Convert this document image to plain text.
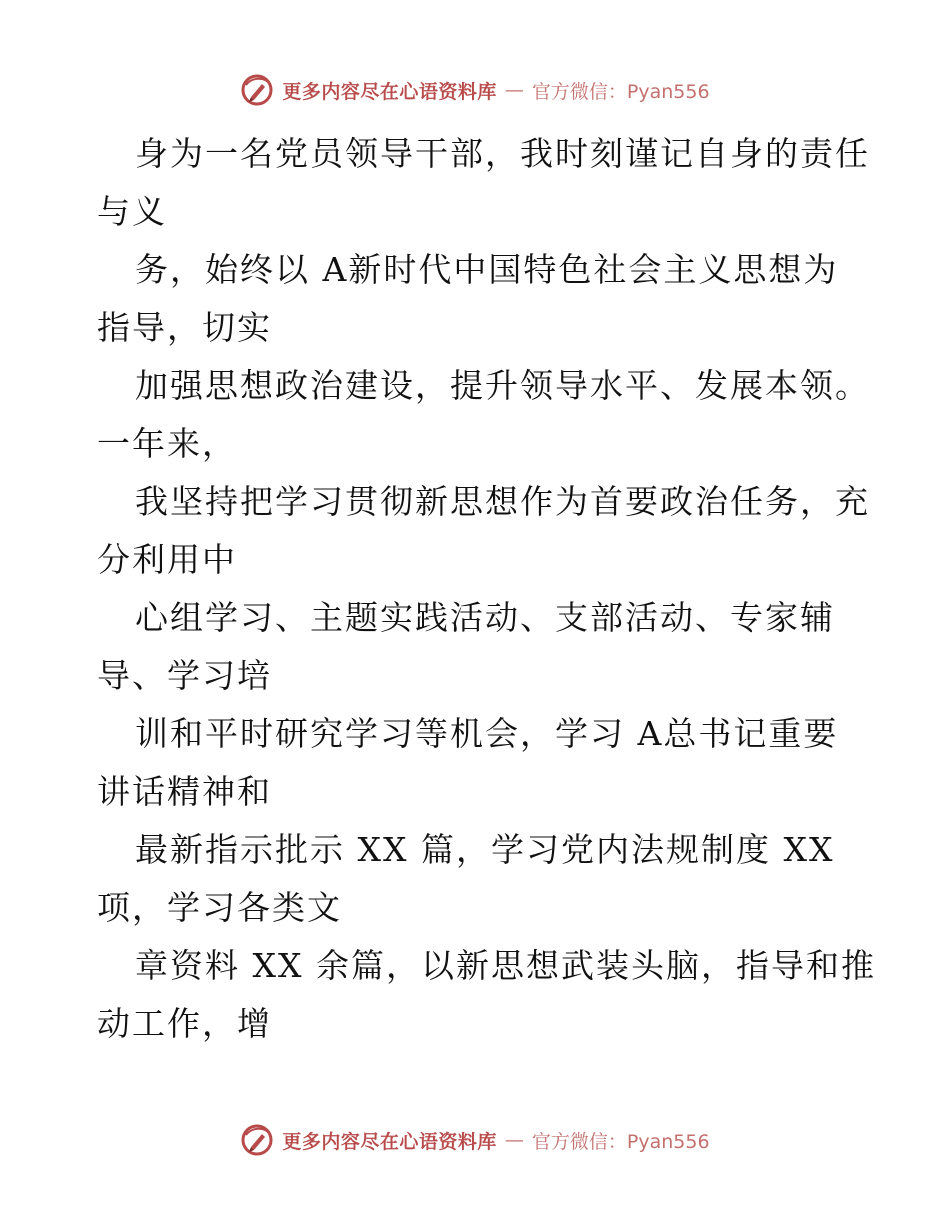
更多内容尽在心语资料库 — 官方微信：Pyan556
身为一名党员领导干部，我时刻谨记自身的责任
与义
务，始终以 A新时代中国特色社会主义思想为
指导，切实
加强思想政治建设，提升领导水平、发展本领。
一年来，
我坚持把学习贯彻新思想作为首要政治任务，充
分利用中
心组学习、主题实践活动、支部活动、专家辅
导、学习培
训和平时研究学习等机会，学习 A总书记重要
讲话精神和
最新指示批示 XX 篇，学习党内法规制度 XX
项，学习各类文
章资料 XX 余篇，以新思想武装头脑，指导和推
动工作，增
更多内容尽在心语资料库 — 官方微信：Pyan556
